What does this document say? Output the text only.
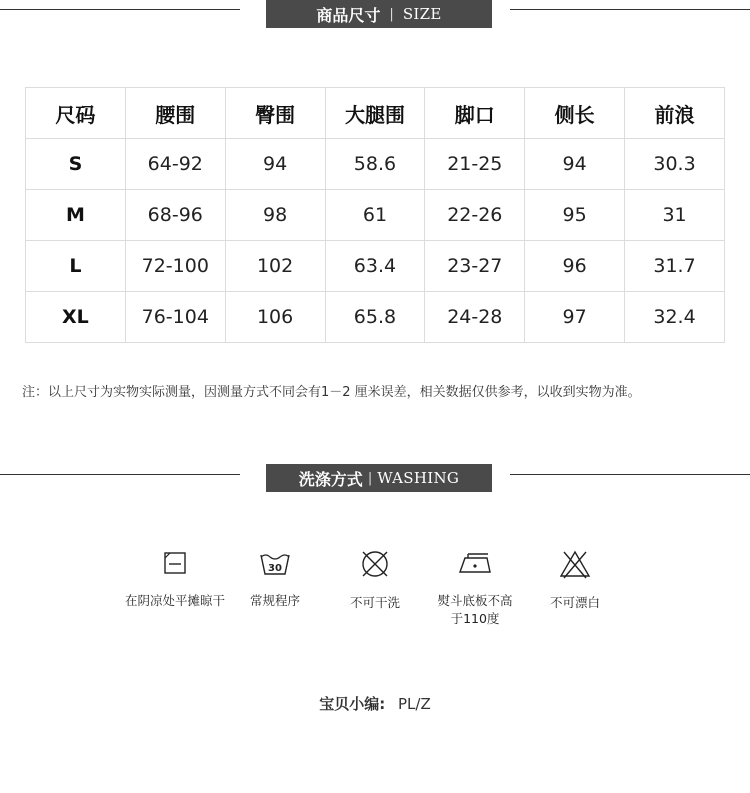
商品尺寸 | SIZE
尺码	腰围	臀围	大腿围	脚口	侧长	前浪
S	64-92	94	58.6	21-25	94	30.3
M	68-96	98	61	22-26	95	31
L	72-100	102	63.4	23-27	96	31.7
XL	76-104	106	65.8	24-28	97	32.4
注：以上尺寸为实物实际测量，因测量方式不同会有1－2 厘米误差，相关数据仅供参考，以收到实物为准。
洗涤方式 | WASHING
在阴凉处平摊晾干
30
常规程序	不可干洗	熨斗底板不高于110度
不可漂白
宝贝小编: PL/Z
